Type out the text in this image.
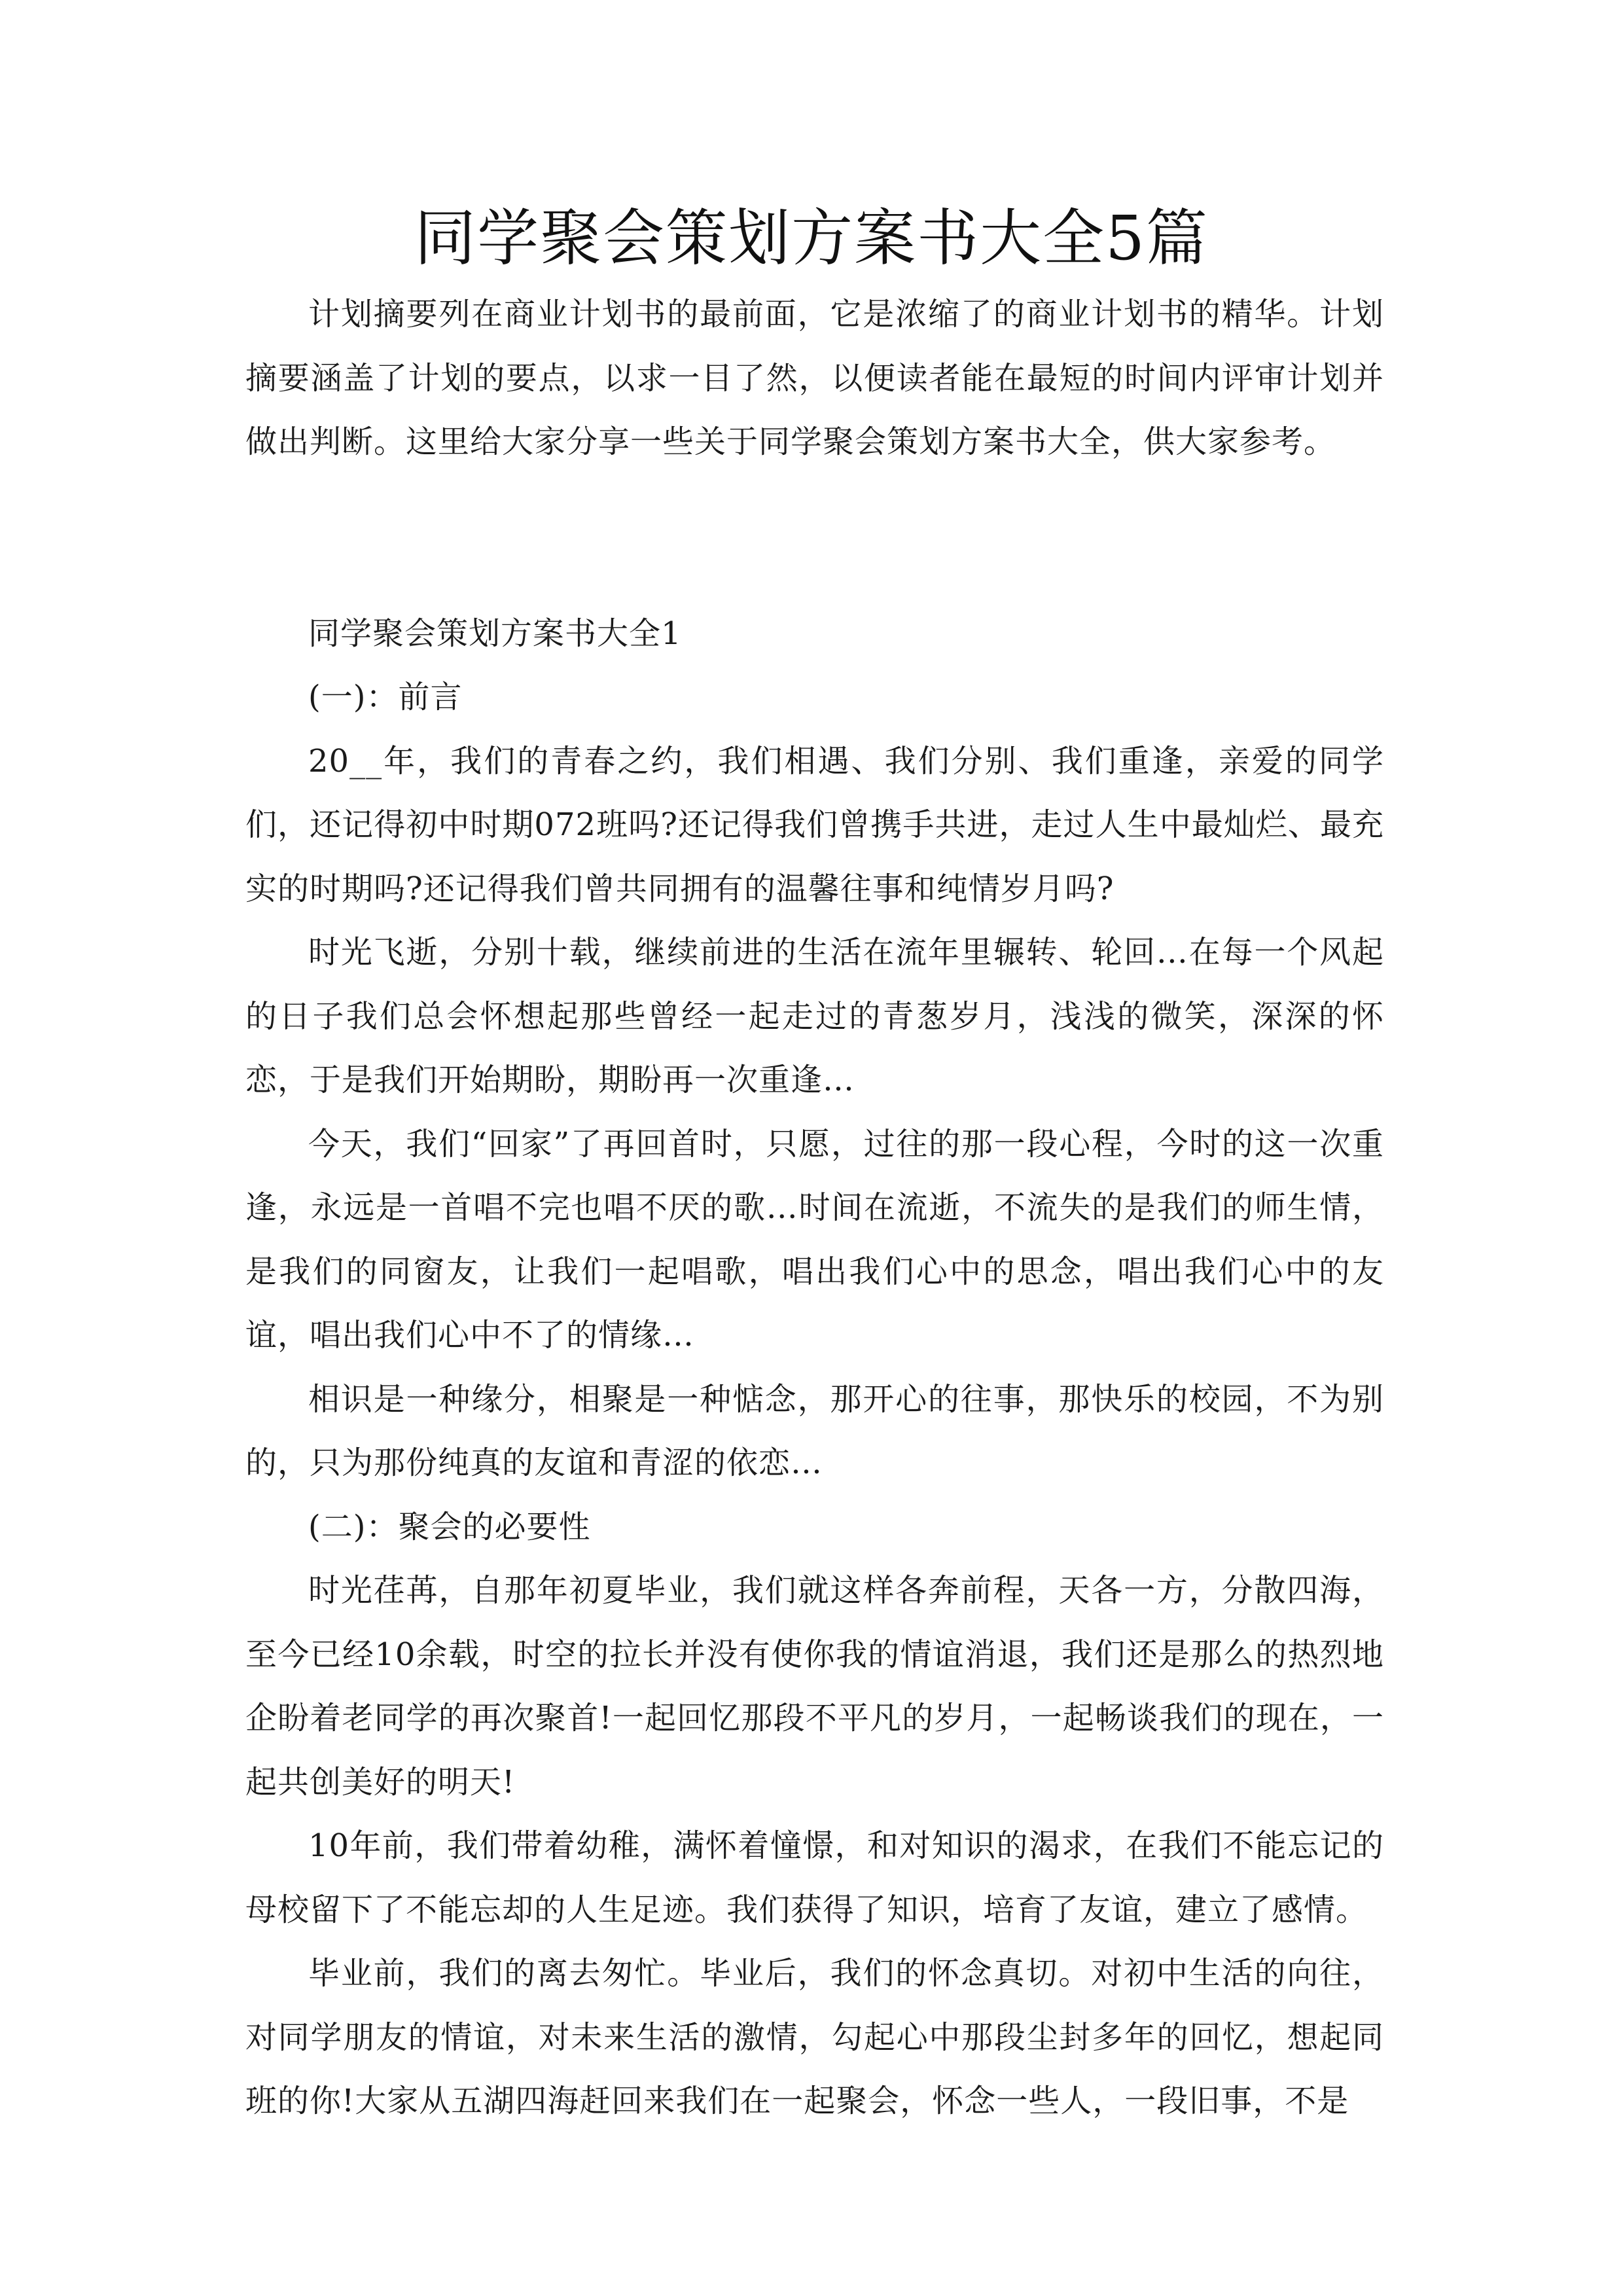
同学聚会策划方案书大全5篇

计划摘要列在商业计划书的最前面，它是浓缩了的商业计划书的精华。计划摘要涵盖了计划的要点，以求一目了然，以便读者能在最短的时间内评审计划并做出判断。这里给大家分享一些关于同学聚会策划方案书大全，供大家参考。

同学聚会策划方案书大全1

(一)：前言

20__年，我们的青春之约，我们相遇、我们分别、我们重逢，亲爱的同学们，还记得初中时期072班吗?还记得我们曾携手共进，走过人生中最灿烂、最充实的时期吗?还记得我们曾共同拥有的温馨往事和纯情岁月吗?

时光飞逝，分别十载，继续前进的生活在流年里辗转、轮回…在每一个风起的日子我们总会怀想起那些曾经一起走过的青葱岁月，浅浅的微笑，深深的怀恋，于是我们开始期盼，期盼再一次重逢…

今天，我们“回家”了再回首时，只愿，过往的那一段心程，今时的这一次重逢，永远是一首唱不完也唱不厌的歌…时间在流逝，不流失的是我们的师生情，是我们的同窗友，让我们一起唱歌，唱出我们心中的思念，唱出我们心中的友谊，唱出我们心中不了的情缘…

相识是一种缘分，相聚是一种惦念，那开心的往事，那快乐的校园，不为别的，只为那份纯真的友谊和青涩的依恋…

(二)：聚会的必要性

时光荏苒，自那年初夏毕业，我们就这样各奔前程，天各一方，分散四海，至今已经10余载，时空的拉长并没有使你我的情谊消退，我们还是那么的热烈地企盼着老同学的再次聚首!一起回忆那段不平凡的岁月，一起畅谈我们的现在，一起共创美好的明天!

10年前，我们带着幼稚，满怀着憧憬，和对知识的渴求，在我们不能忘记的母校留下了不能忘却的人生足迹。我们获得了知识，培育了友谊，建立了感情。

毕业前，我们的离去匆忙。毕业后，我们的怀念真切。对初中生活的向往，对同学朋友的情谊，对未来生活的激情，勾起心中那段尘封多年的回忆，想起同班的你!大家从五湖四海赶回来我们在一起聚会，怀念一些人，一段旧事，不是
